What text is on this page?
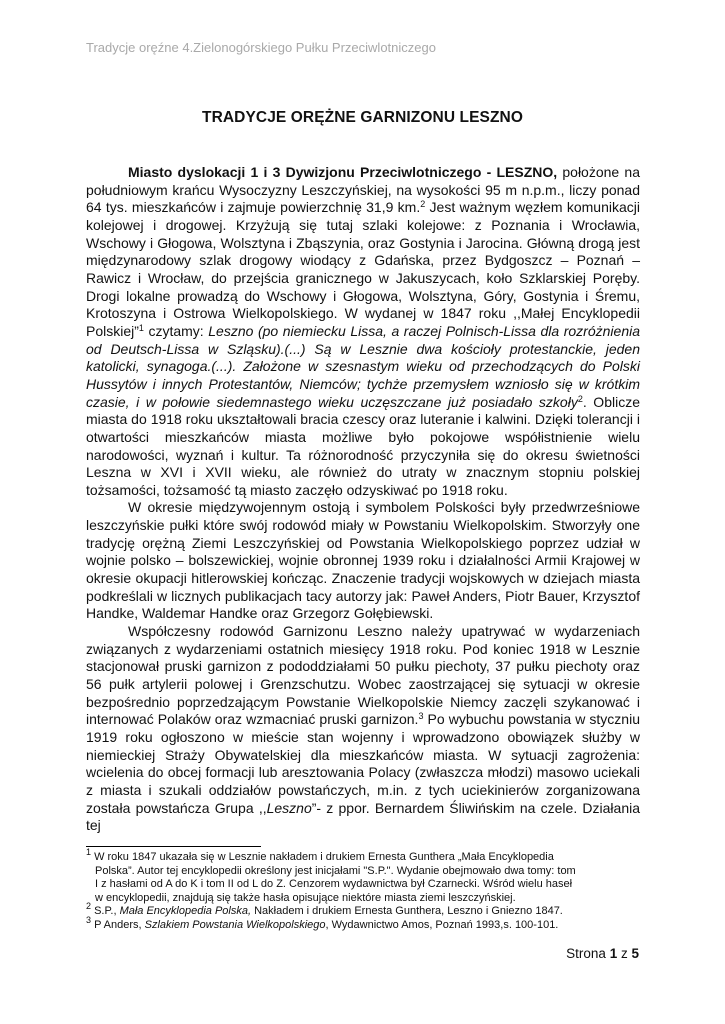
Tradycje oręźne 4.Zielonogórskiego Pułku Przeciwlotniczego
TRADYCJE ORĘŻNE GARNIZONU LESZNO

Miasto dyslokacji 1 i 3 Dywizjonu Przeciwlotniczego - LESZNO, położone na południowym krańcu Wysoczyzny Leszczyńskiej, na wysokości 95 m n.p.m., liczy ponad 64 tys. mieszkańców i zajmuje powierzchnię 31,9 km.$^2$ Jest ważnym węzłem komunikacji kolejowej i drogowej. Krzyżują się tutaj szlaki kolejowe: z Poznania i Wrocławia, Wschowy i Głogowa, Wolsztyna i Zbąszynia, oraz Gostynia i Jarocina. Główną drogą jest międzynarodowy szlak drogowy wiodący z Gdańska, przez Bydgoszcz – Poznań – Rawicz i Wrocław, do przejścia granicznego w Jakuszycach, koło Szklarskiej Poręby. Drogi lokalne prowadzą do Wschowy i Głogowa, Wolsztyna, Góry, Gostynia i Śremu, Krotoszyna i Ostrowa Wielkopolskiego. W wydanej w 1847 roku ,,Małej Encyklopedii Polskiej”$^1$ czytamy: Leszno (po niemiecku Lissa, a raczej Polnisch-Lissa dla rozróżnienia od Deutsch-Lissa w Szląsku).(...) Są w Lesznie dwa kościoły protestanckie, jeden katolicki, synagoga.(...). Założone w szesnastym wieku od przechodzących do Polski Hussytów i innych Protestantów, Niemców; tychże przemysłem wzniosło się w krótkim czasie, i w połowie siedemnastego wieku uczęszczane już posiadało szkoły$^2$. Oblicze miasta do 1918 roku ukształtowali bracia czescy oraz luteranie i kalwini. Dzięki tolerancji i otwartości mieszkańców miasta możliwe było pokojowe współistnienie wielu narodowości, wyznań i kultur. Ta różnorodność przyczyniła się do okresu świetności Leszna w XVI i XVII wieku, ale również do utraty w znacznym stopniu polskiej tożsamości, tożsamość tą miasto zaczęło odzyskiwać po 1918 roku.

W okresie międzywojennym ostoją i symbolem Polskości były przedwrześniowe leszczyńskie pułki które swój rodowód miały w Powstaniu Wielkopolskim. Stworzyły one tradycję orężną Ziemi Leszczyńskiej od Powstania Wielkopolskiego poprzez udział w wojnie polsko – bolszewickiej, wojnie obronnej 1939 roku i działalności Armii Krajowej w okresie okupacji hitlerowskiej kończąc. Znaczenie tradycji wojskowych w dziejach miasta podkreślali w licznych publikacjach tacy autorzy jak: Paweł Anders, Piotr Bauer, Krzysztof Handke, Waldemar Handke oraz Grzegorz Gołębiewski.

Współczesny rodowód Garnizonu Leszno należy upatrywać w wydarzeniach związanych z wydarzeniami ostatnich miesięcy 1918 roku. Pod koniec 1918 w Lesznie stacjonował pruski garnizon z pododdziałami 50 pułku piechoty, 37 pułku piechoty oraz 56 pułk artylerii polowej i Grenzschutzu. Wobec zaostrzającej się sytuacji w okresie bezpośrednio poprzedzającym Powstanie Wielkopolskie Niemcy zaczęli szykanować i internować Polaków oraz wzmacniać pruski garnizon.$^3$ Po wybuchu powstania w styczniu 1919 roku ogłoszono w mieście stan wojenny i wprowadzono obowiązek służby w niemieckiej Straży Obywatelskiej dla mieszkańców miasta. W sytuacji zagrożenia: wcielenia do obcej formacji lub aresztowania Polacy (zwłaszcza młodzi) masowo uciekali z miasta i szukali oddziałów powstańczych, m.in. z tych uciekinierów zorganizowana została powstańcza Grupa ,,Leszno”- z ppor. Bernardem Śliwińskim na czele. Działania tej

$^1$ W roku 1847 ukazała się w Lesznie nakładem i drukiem Ernesta Gunthera „Mała Encyklopedia

Polska”. Autor tej encyklopedii określony jest inicjałami "S.P.". Wydanie obejmowało dwa tomy: tom

I z hasłami od A do K i tom II od L do Z. Cenzorem wydawnictwa był Czarnecki. Wśród wielu haseł

w encyklopedii, znajdują się także hasła opisujące niektóre miasta ziemi leszczyńskiej.

$^2$ S.P., Mała Encyklopedia Polska, Nakładem i drukiem Ernesta Gunthera, Leszno i Gniezno 1847.

$^3$ P Anders, Szlakiem Powstania Wielkopolskiego, Wydawnictwo Amos, Poznań 1993,s. 100-101.

Strona 1 z 5
